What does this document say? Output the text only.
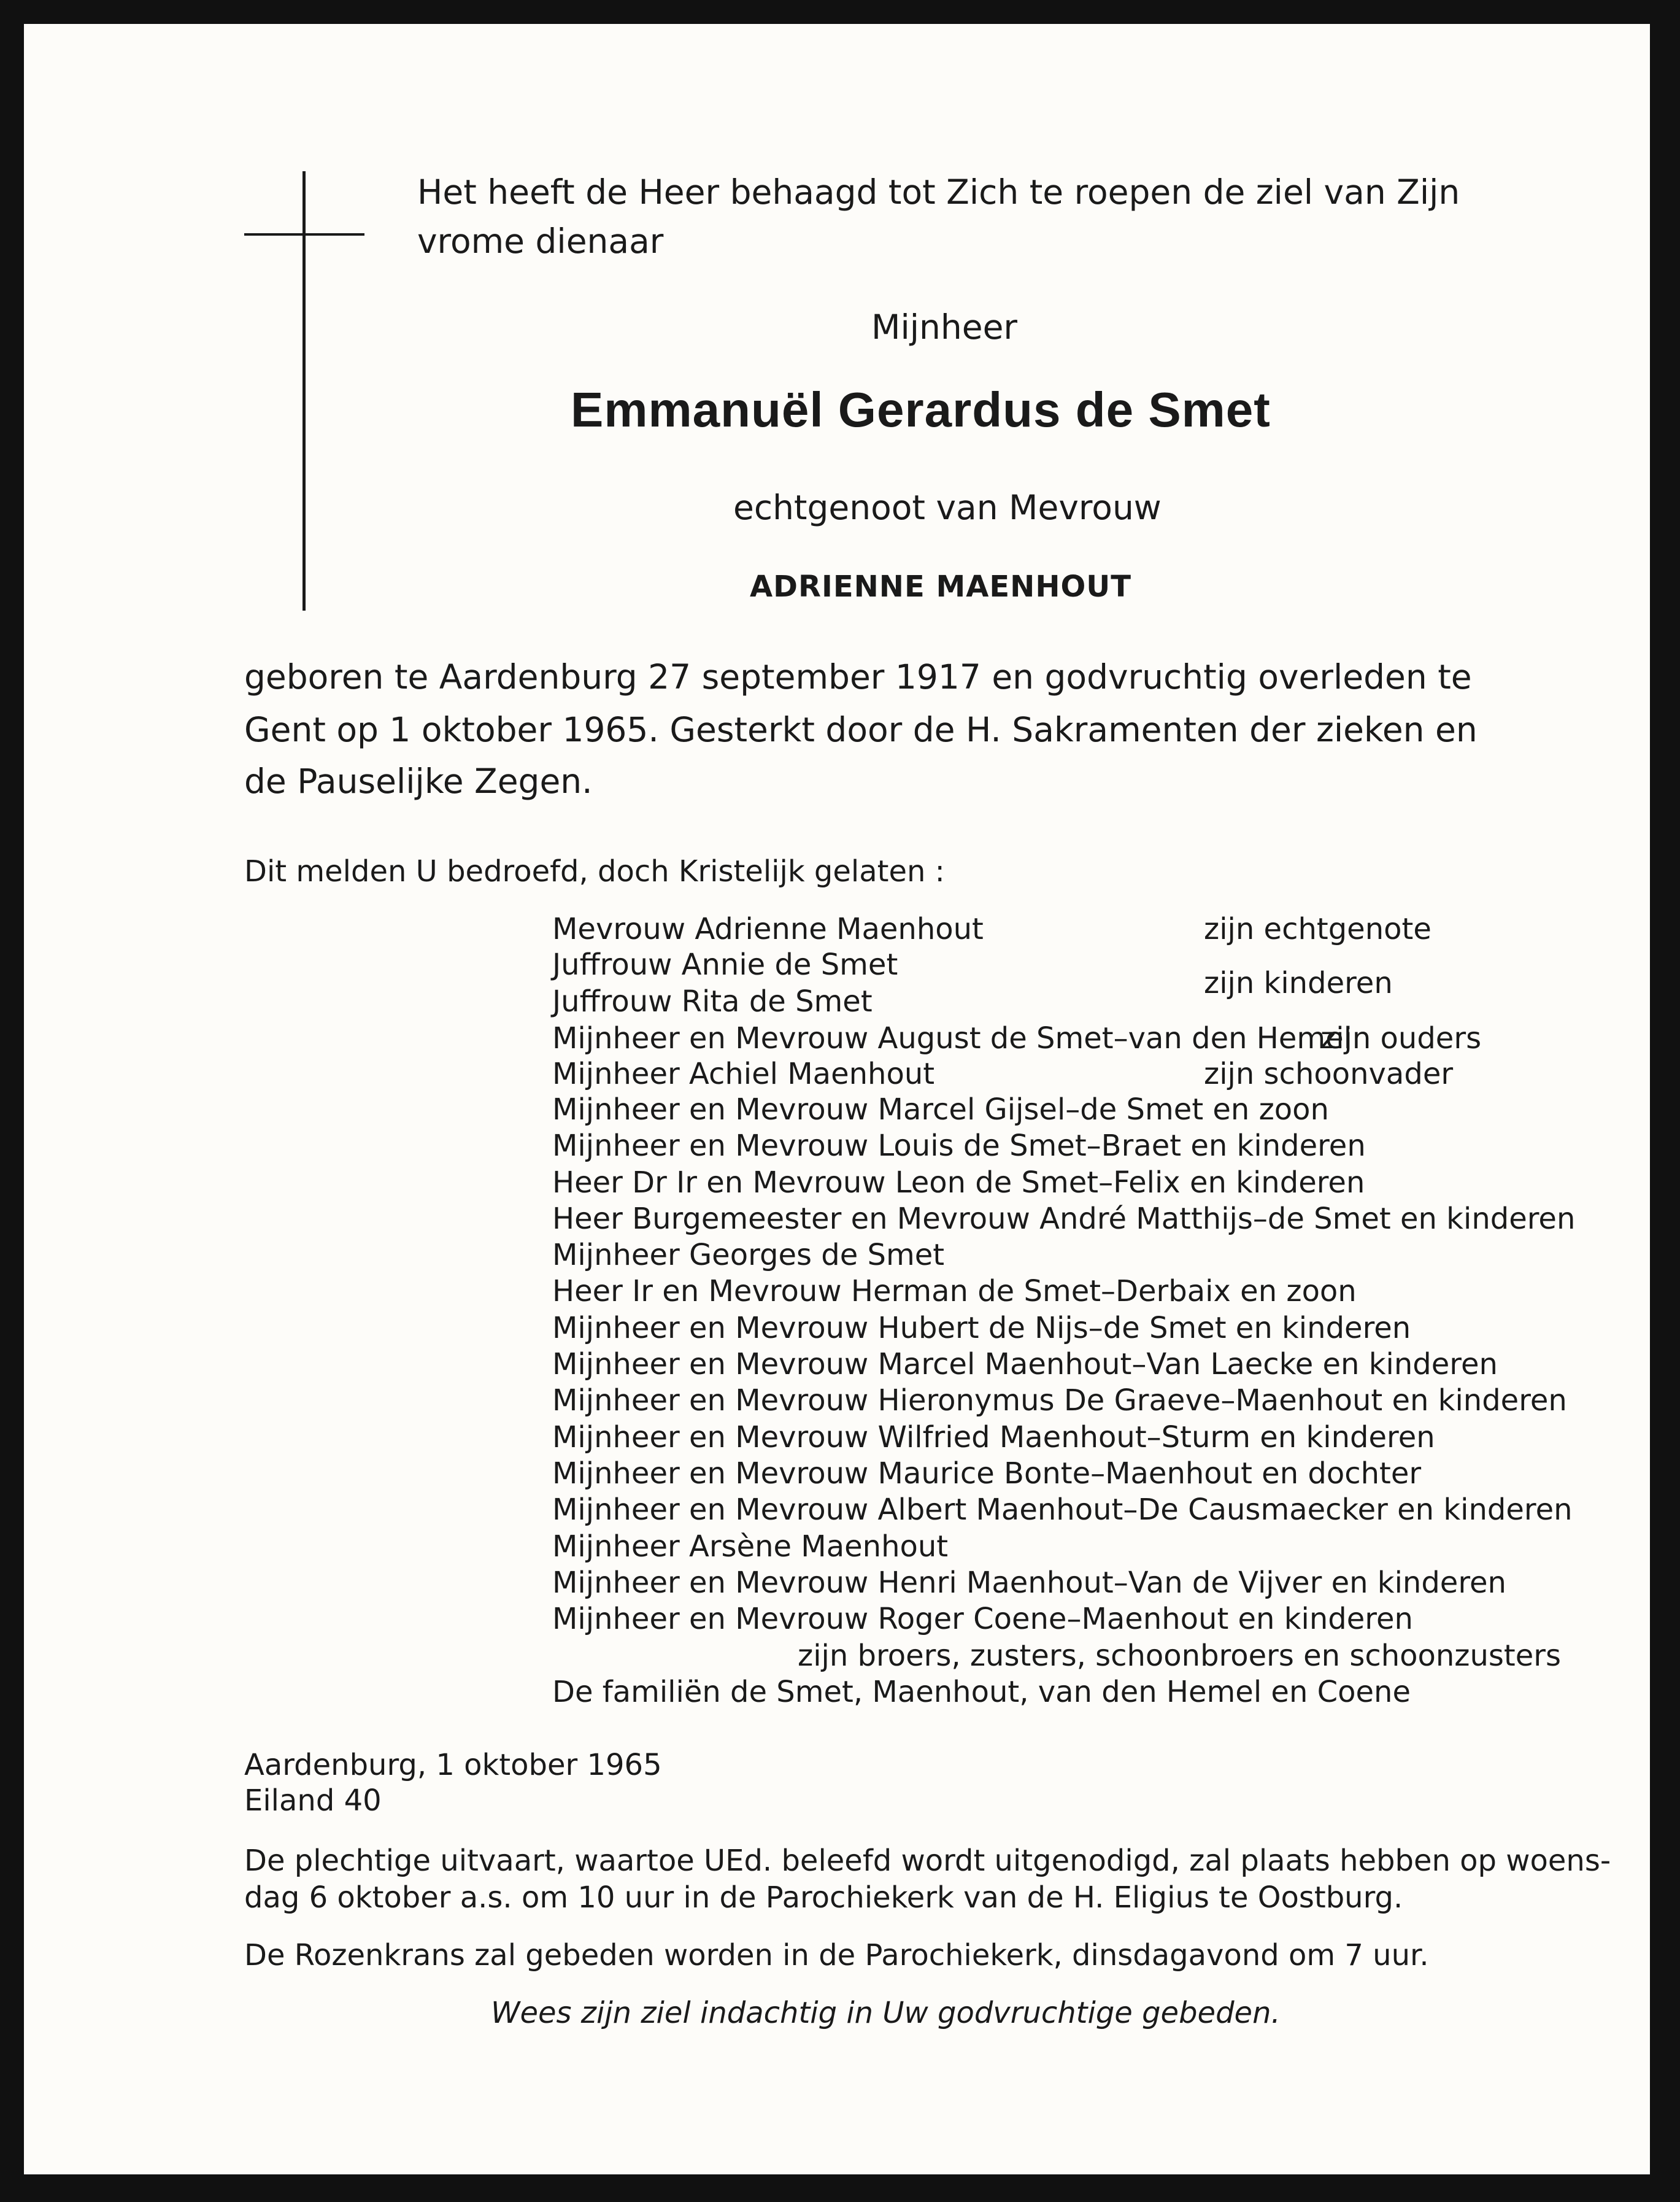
Het heeft de Heer behaagd tot Zich te roepen de ziel van Zijn
vrome dienaar
Mijnheer
Emmanuël Gerardus de Smet
echtgenoot van Mevrouw
ADRIENNE MAENHOUT
geboren te Aardenburg 27 september 1917 en godvruchtig overleden te
Gent op 1 oktober 1965. Gesterkt door de H. Sakramenten der zieken en
de Pauselijke Zegen.
Dit melden U bedroefd, doch Kristelijk gelaten :
Mevrouw Adrienne Maenhout	zijn echtgenote
Juffrouw Annie de Smet
Juffrouw Rita de Smet
zijn kinderen
Mijnheer en Mevrouw August de Smet–van den Hemel
zijn ouders
Mijnheer Achiel Maenhout	zijn schoonvader
Mijnheer en Mevrouw Marcel Gijsel–de Smet en zoon
Mijnheer en Mevrouw Louis de Smet–Braet en kinderen
Heer Dr Ir en Mevrouw Leon de Smet–Felix en kinderen
Heer Burgemeester en Mevrouw André Matthijs–de Smet en kinderen
Mijnheer Georges de Smet
Heer Ir en Mevrouw Herman de Smet–Derbaix en zoon
Mijnheer en Mevrouw Hubert de Nijs–de Smet en kinderen
Mijnheer en Mevrouw Marcel Maenhout–Van Laecke en kinderen
Mijnheer en Mevrouw Hieronymus De Graeve–Maenhout en kinderen
Mijnheer en Mevrouw Wilfried Maenhout–Sturm en kinderen
Mijnheer en Mevrouw Maurice Bonte–Maenhout en dochter
Mijnheer en Mevrouw Albert Maenhout–De Causmaecker en kinderen
Mijnheer Arsène Maenhout
Mijnheer en Mevrouw Henri Maenhout–Van de Vijver en kinderen
Mijnheer en Mevrouw Roger Coene–Maenhout en kinderen
zijn broers, zusters, schoonbroers en schoonzusters
De familiën de Smet, Maenhout, van den Hemel en Coene
Aardenburg, 1 oktober 1965
Eiland 40
De plechtige uitvaart, waartoe UEd. beleefd wordt uitgenodigd, zal plaats hebben op woens-
dag 6 oktober a.s. om 10 uur in de Parochiekerk van de H. Eligius te Oostburg.
De Rozenkrans zal gebeden worden in de Parochiekerk, dinsdagavond om 7 uur.
Wees zijn ziel indachtig in Uw godvruchtige gebeden.
